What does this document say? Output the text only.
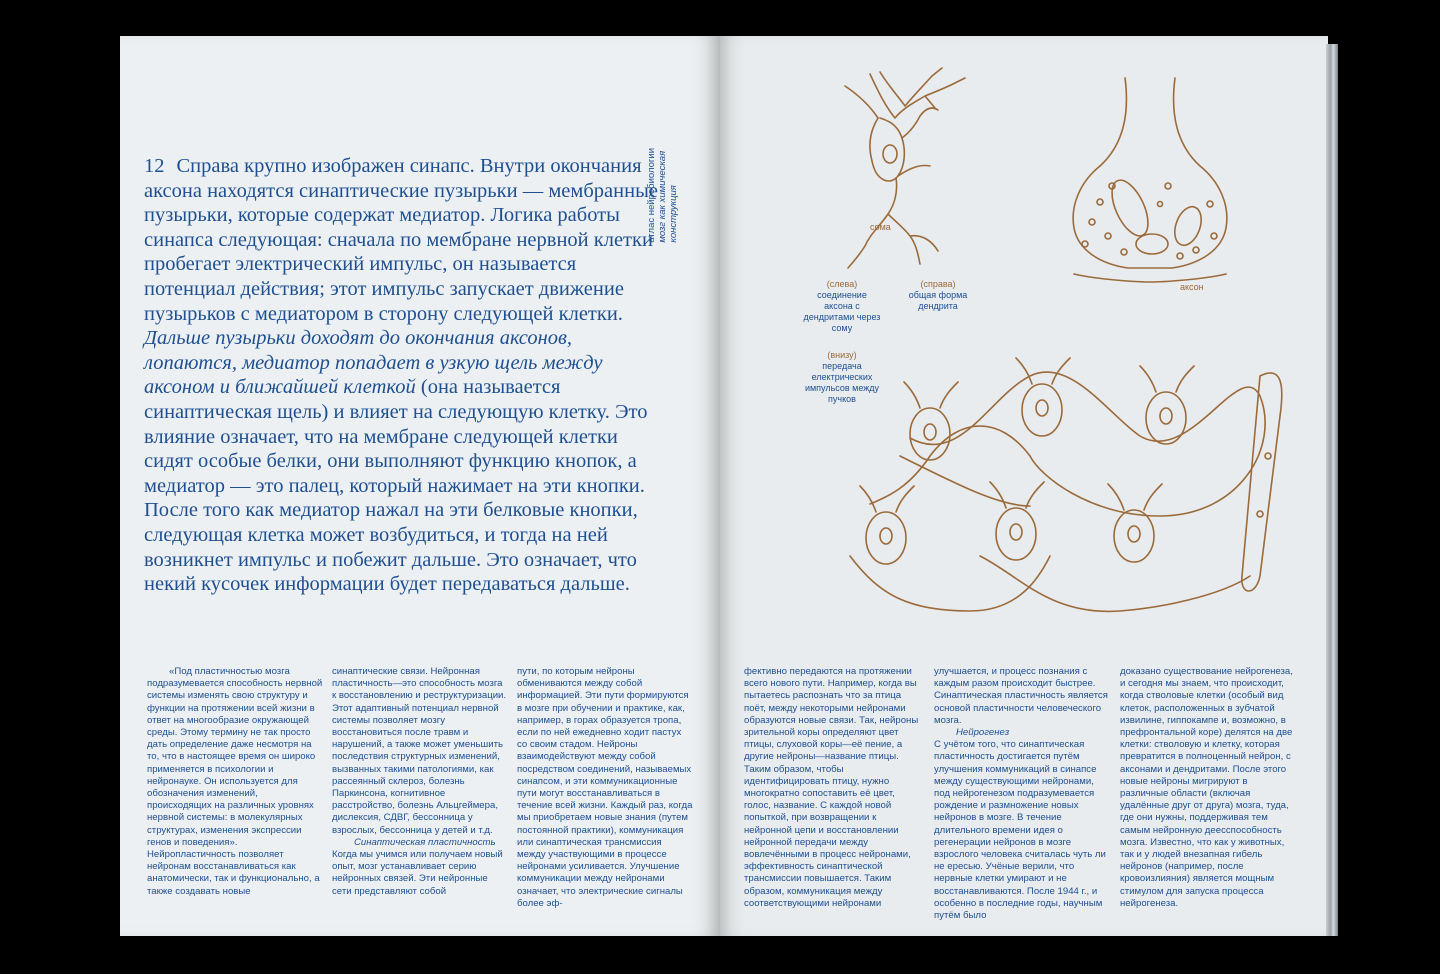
12 Справа крупно изображен синапс. Внутри окончания аксона находятся синаптические пузырьки — мембранные пузырьки, которые содержат медиатор. Логика работы синапса следующая: сначала по мембране нервной клетки пробегает электрический импульс, он называется потенциал действия; этот импульс запускает движение пузырьков с медиатором в сторону следующей клетки. Дальше пузырьки доходят до окончания аксонов, лопаются, медиатор попадает в узкую щель между аксоном и ближайшей клеткой (она называется синаптическая щель) и влияет на следующую клетку. Это влияние означает, что на мембране следующей клетки сидят особые белки, они выполняют функцию кнопок, а медиатор — это палец, который нажимает на эти кнопки. После того как медиатор нажал на эти белковые кнопки, следующая клетка может возбудиться, и тогда на ней возникнет импульс и побежит дальше. Это означает, что некий кусочек информации будет передаваться дальше.

атлас нейробиологии мозг как химическая конструкция

«Под пластичностью мозга подразумевается способность нервной системы изменять свою структуру и функции на протяжении всей жизни в ответ на многообразие окружающей среды. Этому термину не так просто дать определение даже несмотря на то, что в настоящее время он широко применяется в психологии и нейронауке. Он используется для обозначения изменений, происходящих на различных уровнях нервной системы: в молекулярных структурах, изменения экспрессии генов и поведения».

Нейропластичность позволяет нейронам восстанавливаться как анатомически, так и функционально, а также создавать новые

синаптические связи. Нейронная пластичность—это способность мозга к восстановлению и реструктуризации. Этот адаптивный потенциал нервной системы позволяет мозгу восстановиться после травм и нарушений, а также может уменьшить последствия структурных изменений, вызванных такими патологиями, как рассеянный склероз, болезнь Паркинсона, когнитивное расстройство, болезнь Альцгеймера, дислексия, СДВГ, бессонница у взрослых, бессонница у детей и т.д.

Синаптическая пластичность

Когда мы учимся или получаем новый опыт, мозг устанавливает серию нейронных связей. Эти нейронные сети представляют собой

пути, по которым нейроны обмениваются между собой информацией. Эти пути формируются в мозге при обучении и практике, как, например, в горах образуется тропа, если по ней ежедневно ходит пастух со своим стадом. Нейроны взаимодействуют между собой посредством соединений, называемых синапсом, и эти коммуникационные пути могут восстанавливаться в течение всей жизни. Каждый раз, когда мы приобретаем новые знания (путем постоянной практики), коммуникация или синаптическая трансмиссия между участвующими в процессе нейронами усиливается. Улучшение коммуникации между нейронами означает, что электрические сигналы более эф-

сома
аксон
(слева)
соединение аксона с дендритами через сому
(справа)
общая форма дендрита
(внизу)
передача електрических импульсов между пучков

фективно передаются на протяжении всего нового пути. Например, когда вы пытаетесь распознать что за птица поёт, между некоторыми нейронами образуются новые связи. Так, нейроны зрительной коры определяют цвет птицы, слуховой коры—её пение, а другие нейроны—название птицы. Таким образом, чтобы идентифицировать птицу, нужно многократно сопоставить её цвет, голос, название. С каждой новой попыткой, при возвращении к нейронной цепи и восстановлении нейронной передачи между вовлечёнными в процесс нейронами, эффективность синаптической трансмиссии повышается. Таким образом, коммуникация между соответствующими нейронами

улучшается, и процесс познания с каждым разом происходит быстрее. Синаптическая пластичность является основой пластичности человеческого мозга.

Нейрогенез

С учётом того, что синаптическая пластичность достигается путём улучшения коммуникаций в синапсе между существующими нейронами, под нейрогенезом подразумевается рождение и размножение новых нейронов в мозге. В течение длительного времени идея о регенерации нейронов в мозге взрослого человека считалась чуть ли не ересью. Учёные верили, что нервные клетки умирают и не восстанавливаются. После 1944 г., и особенно в последние годы, научным путём было

доказано существование нейрогенеза, и сегодня мы знаем, что происходит, когда стволовые клетки (особый вид клеток, расположенных в зубчатой извилине, гиппокампе и, возможно, в префронтальной коре) делятся на две клетки: стволовую и клетку, которая превратится в полноценный нейрон, с аксонами и дендритами. После этого новые нейроны мигрируют в различные области (включая удалённые друг от друга) мозга, туда, где они нужны, поддерживая тем самым нейронную деесспособность мозга. Известно, что как у животных, так и у людей внезапная гибель нейронов (например, после кровоизлияния) является мощным стимулом для запуска процесса нейрогенеза.
